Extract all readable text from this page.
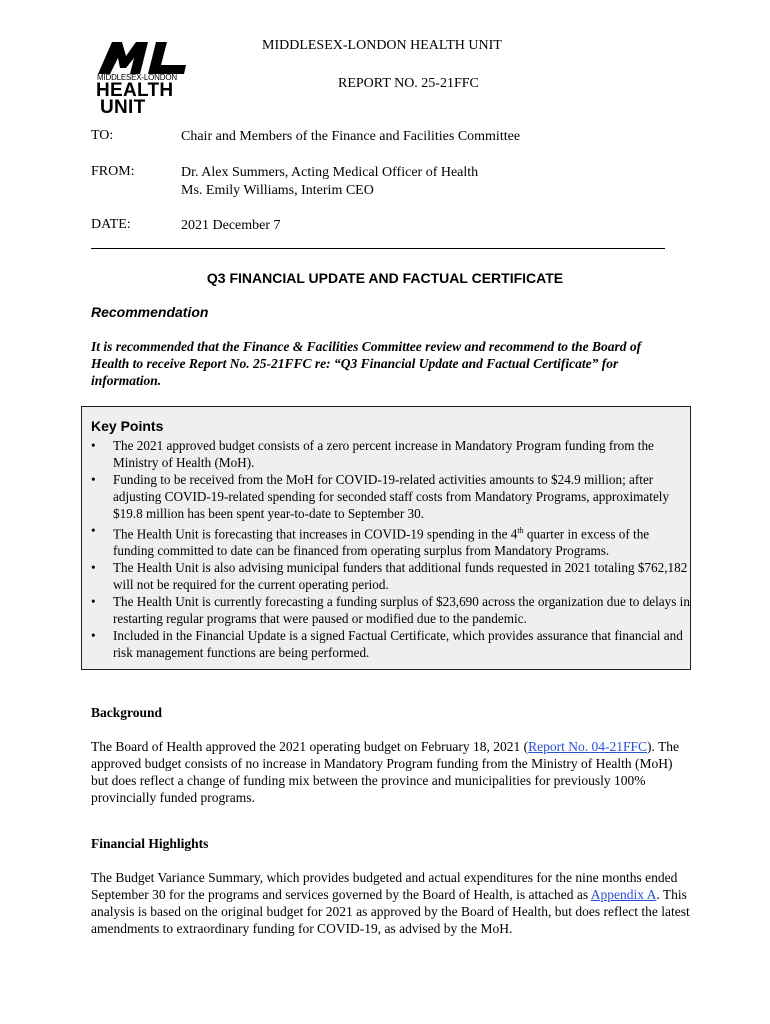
MIDDLESEX-LONDON
HEALTH
UNIT
MIDDLESEX-LONDON HEALTH UNIT
REPORT NO. 25-21FFC
TO:	Chair and Members of the Finance and Facilities Committee
FROM:	Dr. Alex Summers, Acting Medical Officer of Health
Ms. Emily Williams, Interim CEO
DATE:	2021 December 7
Q3 FINANCIAL UPDATE AND FACTUAL CERTIFICATE
Recommendation
It is recommended that the Finance & Facilities Committee review and recommend to the Board of Health to receive Report No. 25-21FFC re: “Q3 Financial Update and Factual Certificate” for information.
Key Points
• The 2021 approved budget consists of a zero percent increase in Mandatory Program funding from the Ministry of Health (MoH).
• Funding to be received from the MoH for COVID-19-related activities amounts to $24.9 million; after adjusting COVID-19-related spending for seconded staff costs from Mandatory Programs, approximately $19.8 million has been spent year-to-date to September 30.
• The Health Unit is forecasting that increases in COVID-19 spending in the 4th quarter in excess of the funding committed to date can be financed from operating surplus from Mandatory Programs.
• The Health Unit is also advising municipal funders that additional funds requested in 2021 totaling $762,182 will not be required for the current operating period.
• The Health Unit is currently forecasting a funding surplus of $23,690 across the organization due to delays in restarting regular programs that were paused or modified due to the pandemic.
• Included in the Financial Update is a signed Factual Certificate, which provides assurance that financial and risk management functions are being performed.
Background
The Board of Health approved the 2021 operating budget on February 18, 2021 (Report No. 04-21FFC). The approved budget consists of no increase in Mandatory Program funding from the Ministry of Health (MoH) but does reflect a change of funding mix between the province and municipalities for previously 100% provincially funded programs.
Financial Highlights
The Budget Variance Summary, which provides budgeted and actual expenditures for the nine months ended September 30 for the programs and services governed by the Board of Health, is attached as Appendix A. This analysis is based on the original budget for 2021 as approved by the Board of Health, but does reflect the latest amendments to extraordinary funding for COVID-19, as advised by the MoH.
